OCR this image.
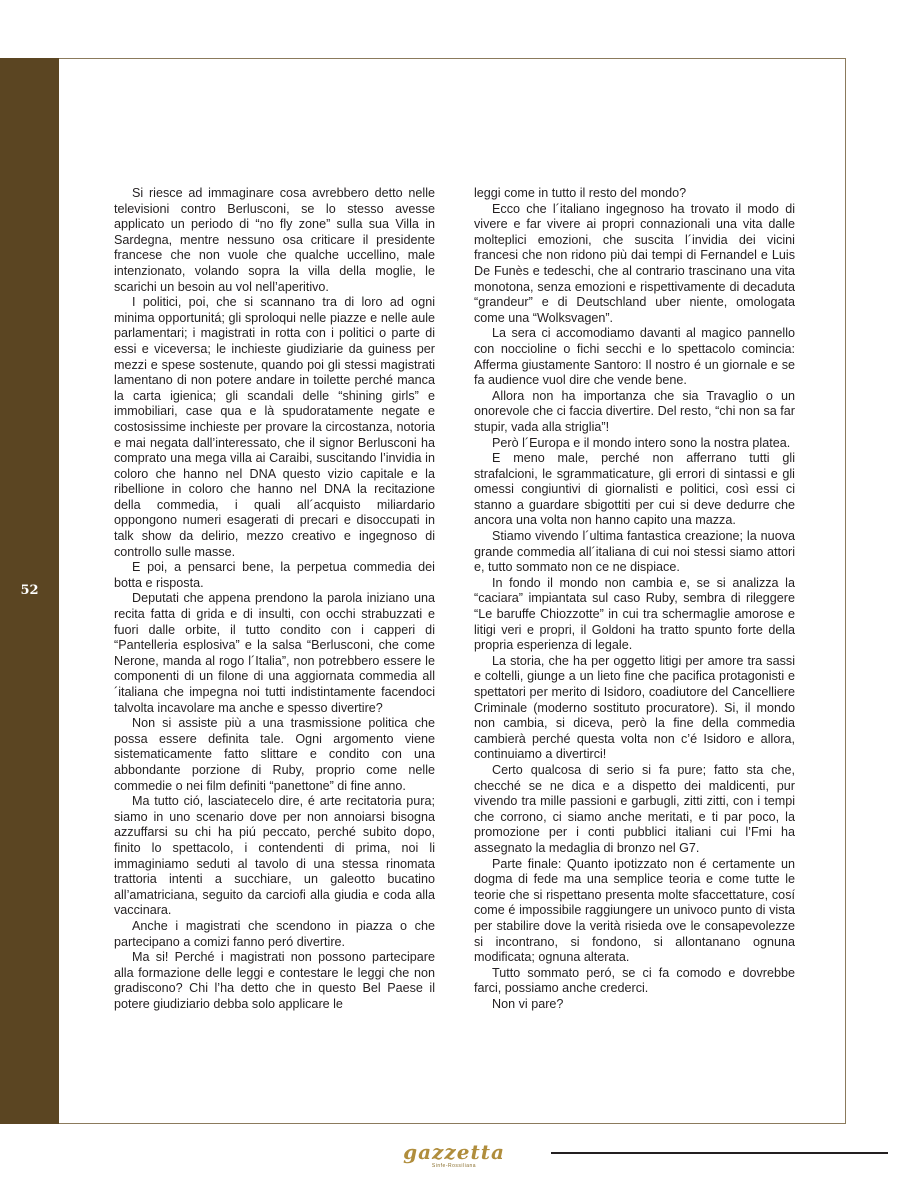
52

Si riesce ad immaginare cosa avrebbero detto nelle televisioni contro Berlusconi, se lo stesso avesse applicato un periodo di “no fly zone” sulla sua Villa in Sardegna, mentre nessuno osa criticare il presidente francese che non vuole che qualche uccellino, male intenzionato, volando sopra la villa della moglie, le scarichi un besoin au vol nell’aperitivo.

I politici, poi, che si scannano tra di loro ad ogni minima opportunitá; gli sproloqui nelle piazze e nelle aule parlamentari; i magistrati in rotta con i politici o parte di essi e viceversa; le inchieste giudiziarie da guiness per mezzi e spese sostenute, quando poi gli stessi magistrati lamentano di non potere andare in toilette perché manca la carta igienica; gli scandali delle “shining girls” e immobiliari, case qua e là spudoratamente negate e costosissime inchieste per provare la circostanza, notoria e mai negata dall’interessato, che il signor Berlusconi ha comprato una mega villa ai Caraibi, suscitando l’invidia in coloro che hanno nel DNA questo vizio capitale e la ribellione in coloro che hanno nel DNA la recitazione della commedia, i quali all´acquisto miliardario oppongono numeri esagerati di precari e disoccupati in talk show da delirio, mezzo creativo e ingegnoso di controllo sulle masse.

E poi, a pensarci bene, la perpetua commedia dei botta e risposta.

Deputati che appena prendono la parola iniziano una recita fatta di grida e di insulti, con occhi strabuzzati e fuori dalle orbite, il tutto condito con i capperi di “Pantelleria esplosiva” e la salsa “Berlusconi, che come Nerone, manda al rogo l´Italia”, non potrebbero essere le componenti di un filone di una aggiornata commedia all´italiana che impegna noi tutti indistintamente facendoci talvolta incavolare ma anche e spesso divertire?

Non si assiste più a una trasmissione politica che possa essere definita tale. Ogni argomento viene sistematicamente fatto slittare e condito con una abbondante porzione di Ruby, proprio come nelle commedie o nei film definiti “panettone” di fine anno.

Ma tutto ció, lasciatecelo dire, é arte recitatoria pura; siamo in uno scenario dove per non annoiarsi bisogna azzuffarsi su chi ha piú peccato, perché subito dopo, finito lo spettacolo, i contendenti di prima, noi li immaginiamo seduti al tavolo di una stessa rinomata trattoria intenti a succhiare, un galeotto bucatino all’amatriciana, seguito da carciofi alla giudia e coda alla vaccinara.

Anche i magistrati che scendono in piazza o che partecipano a comizi fanno peró divertire.

Ma si! Perché i magistrati non possono partecipare alla formazione delle leggi e contestare le leggi che non gradiscono? Chi l’ha detto che in questo Bel Paese il potere giudiziario debba solo applicare le

leggi come in tutto il resto del mondo?

Ecco che l´italiano ingegnoso ha trovato il modo di vivere e far vivere ai propri connazionali una vita dalle molteplici emozioni, che suscita l´invidia dei vicini francesi che non ridono più dai tempi di Fernandel e Luis De Funès e tedeschi, che al contrario trascinano una vita monotona, senza emozioni e rispettivamente di decaduta “grandeur” e di Deutschland uber niente, omologata come una “Wolksvagen”.

La sera ci accomodiamo davanti al magico pannello con noccioline o fichi secchi e lo spettacolo comincia: Afferma giustamente Santoro: Il nostro é un giornale e se fa audience vuol dire che vende bene.

Allora non ha importanza che sia Travaglio o un onorevole che ci faccia divertire. Del resto, “chi non sa far stupir, vada alla striglia”!

Però l´Europa e il mondo intero sono la nostra platea.

E meno male, perché non afferrano tutti gli strafalcioni, le sgrammaticature, gli errori di sintassi e gli omessi congiuntivi di giornalisti e politici, così essi ci stanno a guardare sbigottiti per cui si deve dedurre che ancora una volta non hanno capito una mazza.

Stiamo vivendo l´ultima fantastica creazione; la nuova grande commedia all´italiana di cui noi stessi siamo attori e, tutto sommato non ce ne dispiace.

In fondo il mondo non cambia e, se si analizza la “caciara” impiantata sul caso Ruby, sembra di rileggere “Le baruffe Chiozzotte” in cui tra schermaglie amorose e litigi veri e propri, il Goldoni ha tratto spunto forte della propria esperienza di legale.

La storia, che ha per oggetto litigi per amore tra sassi e coltelli, giunge a un lieto fine che pacifica protagonisti e spettatori per merito di Isidoro, coadiutore del Cancelliere Criminale (moderno sostituto procuratore). Si, il mondo non cambia, si diceva, però la fine della commedia cambierà perché questa volta non c’é Isidoro e allora, continuiamo a divertirci!

Certo qualcosa di serio si fa pure; fatto sta che, checché se ne dica e a dispetto dei maldicenti, pur vivendo tra mille passioni e garbugli, zitti zitti, con i tempi che corrono, ci siamo anche meritati, e ti par poco, la promozione per i conti pubblici italiani cui l’Fmi ha assegnato la medaglia di bronzo nel G7.

Parte finale: Quanto ipotizzato non é certamente un dogma di fede ma una semplice teoria e come tutte le teorie che si rispettano presenta molte sfaccettature, cosí come é impossibile raggiungere un univoco punto di vista per stabilire dove la verità risieda ove le consapevolezze si incontrano, si fondono, si allontanano ognuna modificata; ognuna alterata.

Tutto sommato peró, se ci fa comodo e dovrebbe farci, possiamo anche crederci.

Non vi pare?

gazzetta
Sinfe-Rossiliana
